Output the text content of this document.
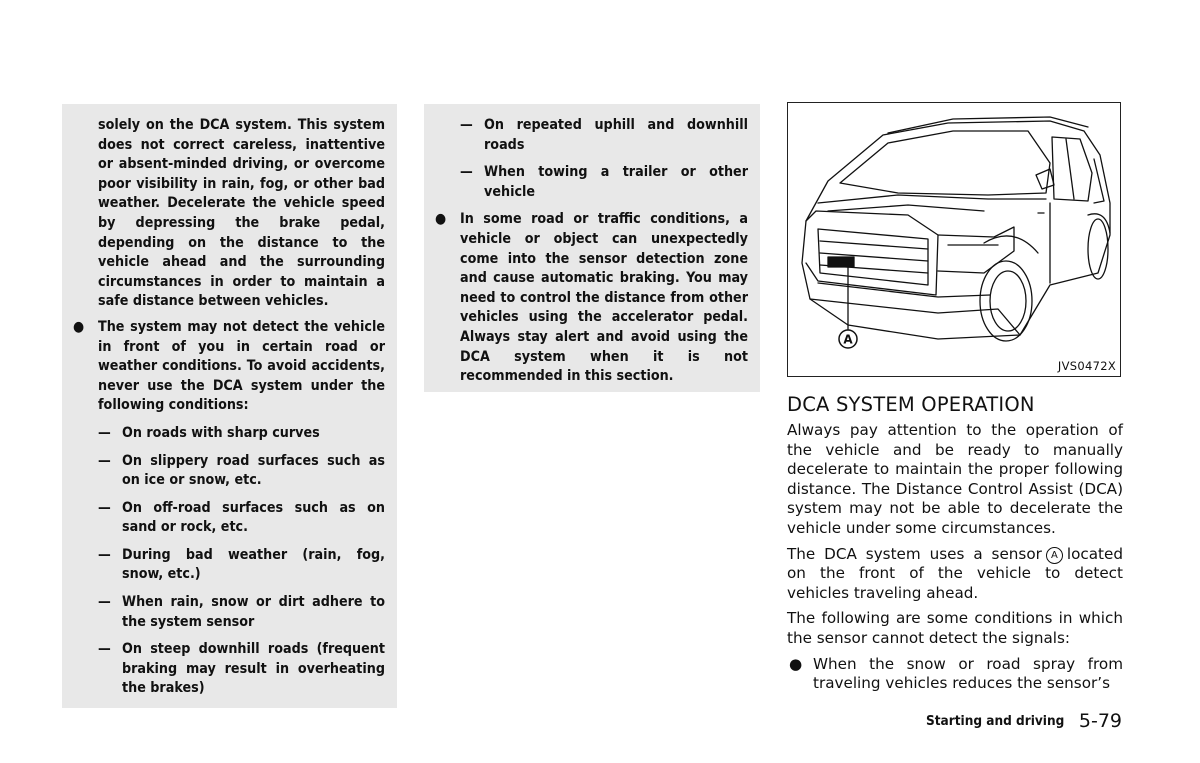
solely on the DCA system. This system does not correct careless, inattentive or absent-minded driving, or overcome poor visibility in rain, fog, or other bad weather. Decelerate the vehicle speed by depressing the brake pedal, depending on the distance to the vehicle ahead and the surrounding circumstances in order to maintain a safe distance between vehicles.

● The system may not detect the vehicle in front of you in certain road or weather conditions. To avoid accidents, never use the DCA system under the following conditions:
— On roads with sharp curves
— On slippery road surfaces such as on ice or snow, etc.
— On off-road surfaces such as on sand or rock, etc.
— During bad weather (rain, fog, snow, etc.)
— When rain, snow or dirt adhere to the system sensor
— On steep downhill roads (frequent braking may result in overheating the brakes)
— On repeated uphill and downhill roads
— When towing a trailer or other vehicle
● In some road or traffic conditions, a vehicle or object can unexpectedly come into the sensor detection zone and cause automatic braking. You may need to control the distance from other vehicles using the accelerator pedal. Always stay alert and avoid using the DCA system when it is not recommended in this section.
A
JVS0472X
DCA SYSTEM OPERATION

Always pay attention to the operation of the vehicle and be ready to manually decelerate to maintain the proper following distance. The Distance Control Assist (DCA) system may not be able to decelerate the vehicle under some circumstances.

The DCA system uses a sensor A located on the front of the vehicle to detect vehicles traveling ahead.

The following are some conditions in which the sensor cannot detect the signals:

● When the snow or road spray from traveling vehicles reduces the sensor’s
Starting and driving 5-79
